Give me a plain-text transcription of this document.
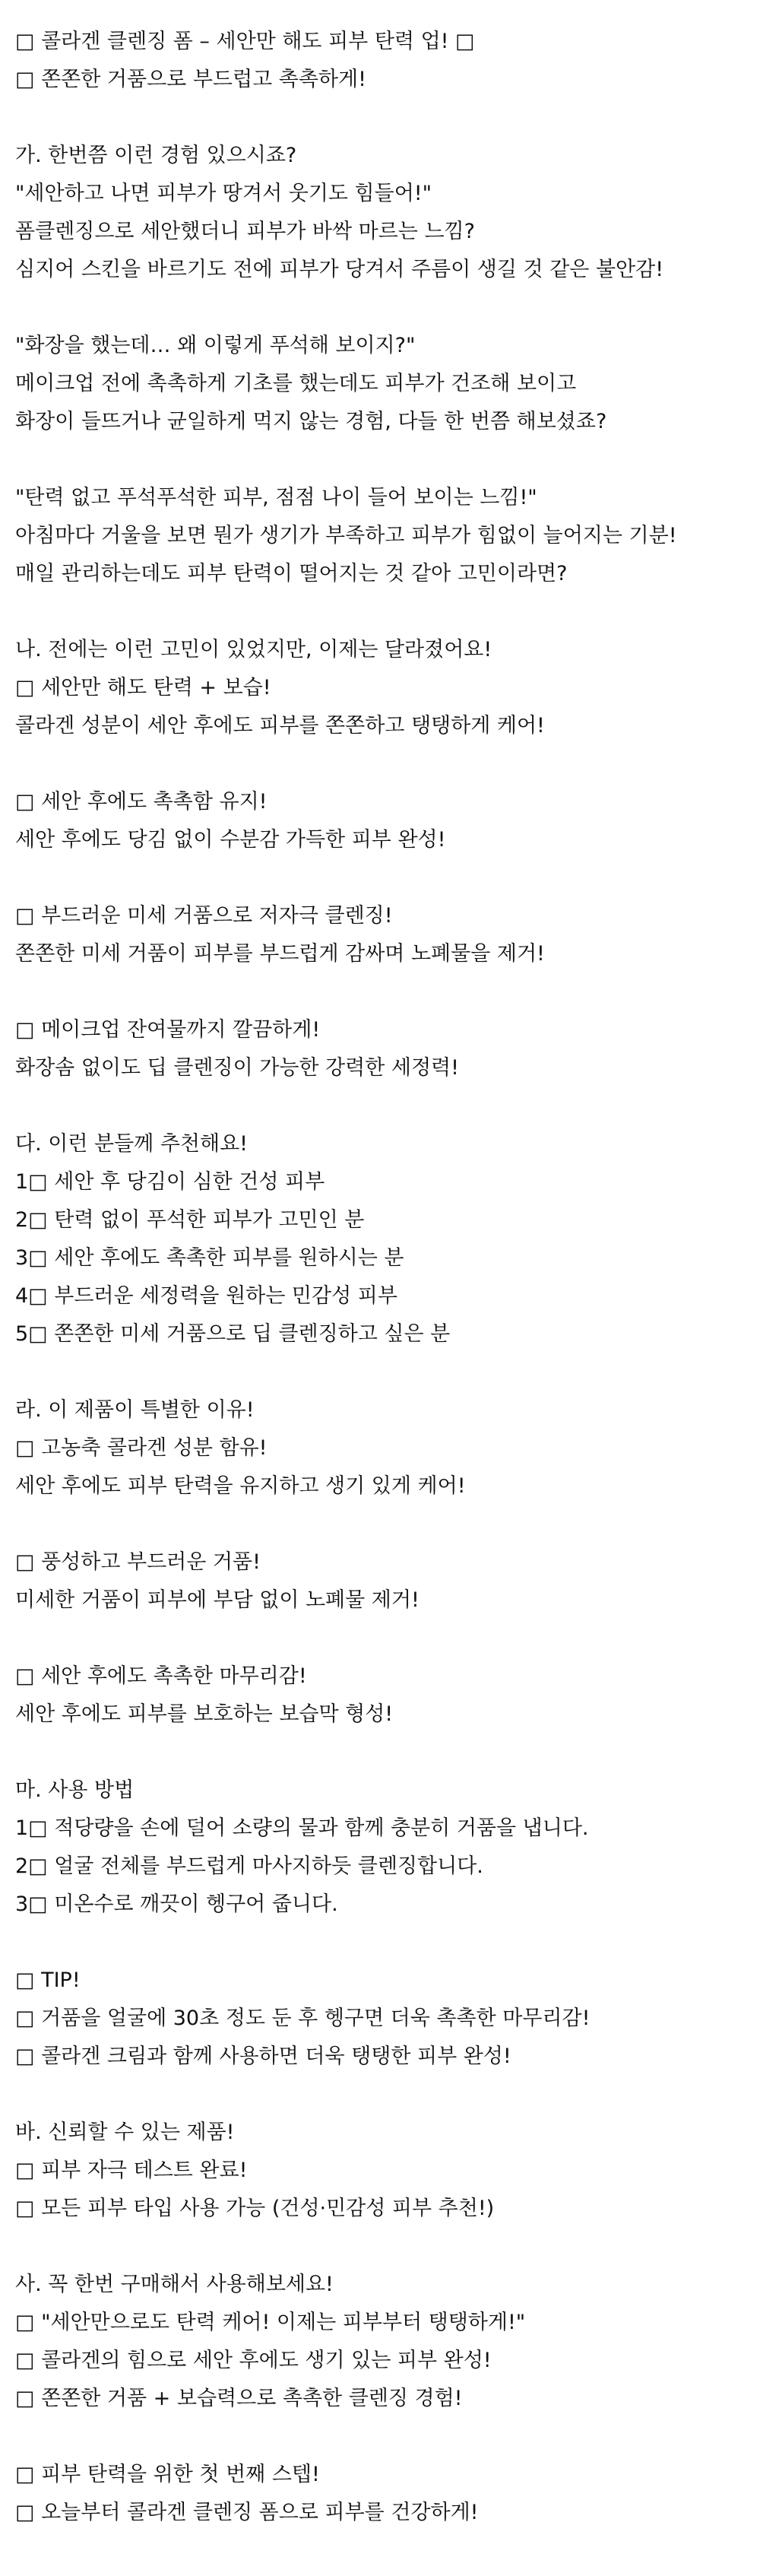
□ 콜라겐 클렌징 폼 – 세안만 해도 피부 탄력 업! □
□ 쫀쫀한 거품으로 부드럽고 촉촉하게!
가. 한번쯤 이런 경험 있으시죠?
"세안하고 나면 피부가 땅겨서 웃기도 힘들어!"
폼클렌징으로 세안했더니 피부가 바싹 마르는 느낌?
심지어 스킨을 바르기도 전에 피부가 당겨서 주름이 생길 것 같은 불안감!
"화장을 했는데… 왜 이렇게 푸석해 보이지?"
메이크업 전에 촉촉하게 기초를 했는데도 피부가 건조해 보이고
화장이 들뜨거나 균일하게 먹지 않는 경험, 다들 한 번쯤 해보셨죠?
"탄력 없고 푸석푸석한 피부, 점점 나이 들어 보이는 느낌!"
아침마다 거울을 보면 뭔가 생기가 부족하고 피부가 힘없이 늘어지는 기분!
매일 관리하는데도 피부 탄력이 떨어지는 것 같아 고민이라면?
나. 전에는 이런 고민이 있었지만, 이제는 달라졌어요!
□ 세안만 해도 탄력 + 보습!
콜라겐 성분이 세안 후에도 피부를 쫀쫀하고 탱탱하게 케어!
□ 세안 후에도 촉촉함 유지!
세안 후에도 당김 없이 수분감 가득한 피부 완성!
□ 부드러운 미세 거품으로 저자극 클렌징!
쫀쫀한 미세 거품이 피부를 부드럽게 감싸며 노폐물을 제거!
□ 메이크업 잔여물까지 깔끔하게!
화장솜 없이도 딥 클렌징이 가능한 강력한 세정력!
다. 이런 분들께 추천해요!
1□ 세안 후 당김이 심한 건성 피부
2□ 탄력 없이 푸석한 피부가 고민인 분
3□ 세안 후에도 촉촉한 피부를 원하시는 분
4□ 부드러운 세정력을 원하는 민감성 피부
5□ 쫀쫀한 미세 거품으로 딥 클렌징하고 싶은 분
라. 이 제품이 특별한 이유!
□ 고농축 콜라겐 성분 함유!
세안 후에도 피부 탄력을 유지하고 생기 있게 케어!
□ 풍성하고 부드러운 거품!
미세한 거품이 피부에 부담 없이 노폐물 제거!
□ 세안 후에도 촉촉한 마무리감!
세안 후에도 피부를 보호하는 보습막 형성!
마. 사용 방법
1□ 적당량을 손에 덜어 소량의 물과 함께 충분히 거품을 냅니다.
2□ 얼굴 전체를 부드럽게 마사지하듯 클렌징합니다.
3□ 미온수로 깨끗이 헹구어 줍니다.
□ TIP!
□ 거품을 얼굴에 30초 정도 둔 후 헹구면 더욱 촉촉한 마무리감!
□ 콜라겐 크림과 함께 사용하면 더욱 탱탱한 피부 완성!
바. 신뢰할 수 있는 제품!
□ 피부 자극 테스트 완료!
□ 모든 피부 타입 사용 가능 (건성·민감성 피부 추천!)
사. 꼭 한번 구매해서 사용해보세요!
□ "세안만으로도 탄력 케어! 이제는 피부부터 탱탱하게!"
□ 콜라겐의 힘으로 세안 후에도 생기 있는 피부 완성!
□ 쫀쫀한 거품 + 보습력으로 촉촉한 클렌징 경험!
□ 피부 탄력을 위한 첫 번째 스텝!
□ 오늘부터 콜라겐 클렌징 폼으로 피부를 건강하게!
